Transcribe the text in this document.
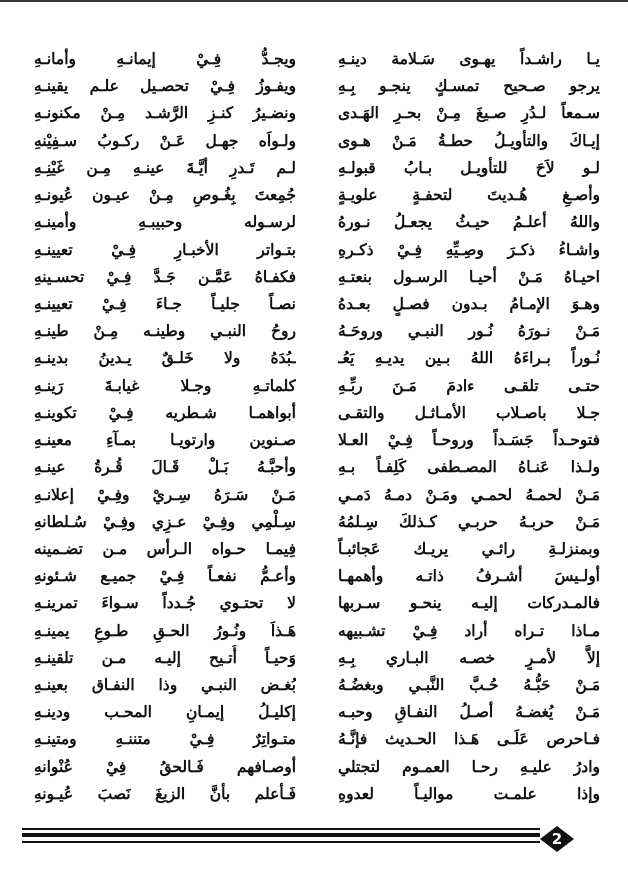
يـا راشـداً يهـوى سَـلامة دينـهِ
يرجو صـحيح تمسـكٍ ينجـو بِـهِ
سـمعاً لـدُرِ صـيغَ مِـنْ بحـرِ الهَـدى
إيـاكَ والتأويـلُ حطـةُ مَـنْ هـوى
لـو لاَحَ للتأويـل بـابُ قبولـهِ
وأصـغِ هُـديتَ لتحفـةٍ علويـةٍ
واللهُ أعلـمُ حيـثُ يجعـلُ نـورهُ
واشـاءُ ذكـرَ وصِـيِّهِ فِـيْ ذكـرهِ
احيـاهُ مَـنْ أحيـا الرسـول بنعتـهِ
وهـوَ الإمـامُ بـدون فصـلٍ بعـدهُ
مَـنْ نـورَهُ نُـور النبـي وروحَـهُ
نُـوراً بـراءَهُ اللهُ بـين يديـهِ يَعُـ
حتـى تلقـى ءادمَ مَـنَ ربِّـهِ
جـلا باصـلاب الأمـاثـل والتقـى
فتوحـداً جَسَـداً وروحـاً فِـيْ العـلا
ولـذا عَنـاهُ المصـطفى كَلِفـاً بـهِ
مَـنْ لحمـهُ لحمـي ومَـنْ دمـهُ دَمـي
مَـنْ حربـهُ حربـي كـذلكَ سِـلمُهُ
وبمنزلـةِ رائـي يريـك عَجائبـاً
أولـيسَ أشـرفُ ذاتـه وأهمهـا
فالمـدركات إليـه ينحـو سـربها
مـاذا تـراه أراد فِـيْ تشـبيهه
إلاَّ لأمـرٍ خصـه البـاري بِـهِ
مَـنْ حَبُّـهُ حُـبَّ النَّبـي وبغضُـهُ
مَـنْ يُغضـهُ أصـلُ النفـاقِ وحبـه
فـاحرص عَلَـى هَـذا الحـديث فإنَّـهُ
وادرُ عليـهِ رحـا العمـوم لتجتلي
وإذا علمـت مواليـاً لعدوهِ
ويجـدُّ فِـيْ إيمانـهِ وأمانـهِ
ويفـوزُ فِـيْ تحصـيل علـم يقينـهِ
ونضـيرُ كنـزِ الرَّشـد مِـنْ مكنونـهِ
ولـواَه جهـل عَـنْ ركـوبُ سـفِيْنهِ
لـم تَـدرِ أيَّـةَ عينـهِ مِـن غَيْنِـهِ
جُمِعتَ بِغُـوصِ مِـنْ عيـون عُيونـهِ
لرسـوله وحبيبـهِ وأمينـهِ
بتـواتر الأخبـارِ فِـيْ تعيينـهِ
فكفـاهُ عَمَّـن جَـدَّ فِـيْ تحسـينهِ
نصـاً جليـاً جـاءَ فِـيْ تعيينـهِ
روحُ النبـي وطينـه مِـنْ طينـهِ
ـبُدَهُ ولا خَلـقٌ يـدينُ بدينـهِ
كلماتـهِ وجـلا غيابـةَ رَينـهِ
أبواهمـا شـطريه فِـيْ تكوينـهِ
صـنوين وارتويـا بمـآءِ معينـهِ
وأحبَّـهُ بَـلْ قَـالَ قُـرةُ عينـهِ
مَـنْ سَـرَهُ سِـريْ وفِـيْ إعلانـهِ
سِـلْمِي وفِـيْ عـزِي وفِـيْ سُـلطانهِ
فِيمـا حـواه الـرأس مـن تضـمينه
وأعـمُّ نفعـاً فِـيْ جميـع شـئونهِ
لا تحتـوي جُـدداً سـواءَ تمرينـهِ
هَـذاَ ونُـورُ الحـقِ طـوعِ يمينـهِ
وَحيـاً أُتـيح إليـه مـن تلقينـهِ
بُغـض النبـي وذا النفـاق بعينـهِ
إكليـلُ إيمـانِ المحـب ودينـهِ
متـواتِرٌ فِـيْ متننـهِ ومتينـهِ
أوصـافهم فَـالحقُ فِيْ عُنْوانهِ
فَـأعلم بأنَّ الزيغَ نَصبَ عُيـونهِ
2
